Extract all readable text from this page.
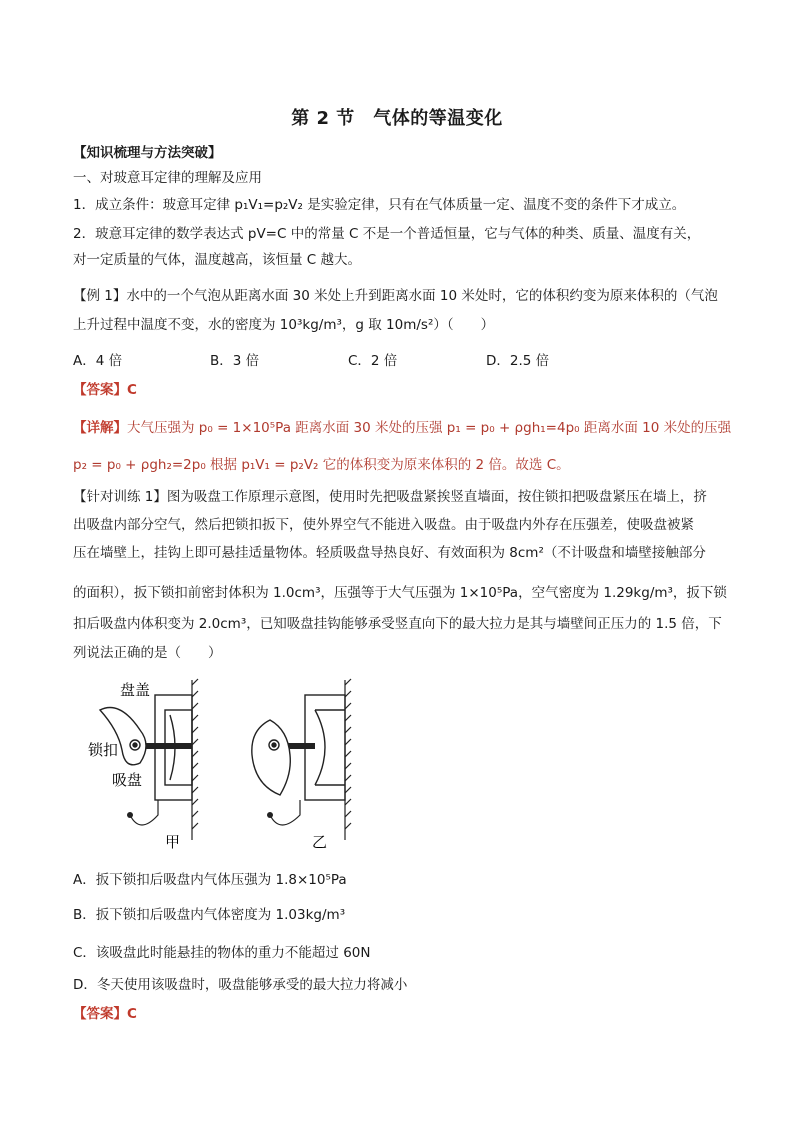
第 2 节　气体的等温变化
【知识梳理与方法突破】
一、对玻意耳定律的理解及应用
1．成立条件：玻意耳定律 p₁V₁=p₂V₂ 是实验定律，只有在气体质量一定、温度不变的条件下才成立。
2．玻意耳定律的数学表达式 pV=C 中的常量 C 不是一个普适恒量，它与气体的种类、质量、温度有关，
对一定质量的气体，温度越高，该恒量 C 越大。
【例 1】水中的一个气泡从距离水面 30 米处上升到距离水面 10 米处时，它的体积约变为原来体积的（气泡
上升过程中温度不变，水的密度为 10³kg/m³，g 取 10m/s²）（　　）
A．4 倍	B．3 倍	C．2 倍	D．2.5 倍
【答案】C
【详解】大气压强为 p₀ = 1×10⁵Pa 距离水面 30 米处的压强 p₁ = p₀ + ρgh₁=4p₀ 距离水面 10 米处的压强
p₂ = p₀ + ρgh₂=2p₀ 根据 p₁V₁ = p₂V₂ 它的体积变为原来体积的 2 倍。故选 C。
【针对训练 1】图为吸盘工作原理示意图，使用时先把吸盘紧挨竖直墙面，按住锁扣把吸盘紧压在墙上，挤
出吸盘内部分空气，然后把锁扣扳下，使外界空气不能进入吸盘。由于吸盘内外存在压强差，使吸盘被紧
压在墙壁上，挂钩上即可悬挂适量物体。轻质吸盘导热良好、有效面积为 8cm²（不计吸盘和墙壁接触部分
的面积），扳下锁扣前密封体积为 1.0cm³，压强等于大气压强为 1×10⁵Pa，空气密度为 1.29kg/m³，扳下锁
扣后吸盘内体积变为 2.0cm³，已知吸盘挂钩能够承受竖直向下的最大拉力是其与墙壁间正压力的 1.5 倍，下
列说法正确的是（　　）
盘盖
锁扣
吸盘
甲	乙
A．扳下锁扣后吸盘内气体压强为 1.8×10⁵Pa
B．扳下锁扣后吸盘内气体密度为 1.03kg/m³
C．该吸盘此时能悬挂的物体的重力不能超过 60N
D．冬天使用该吸盘时，吸盘能够承受的最大拉力将减小
【答案】C
